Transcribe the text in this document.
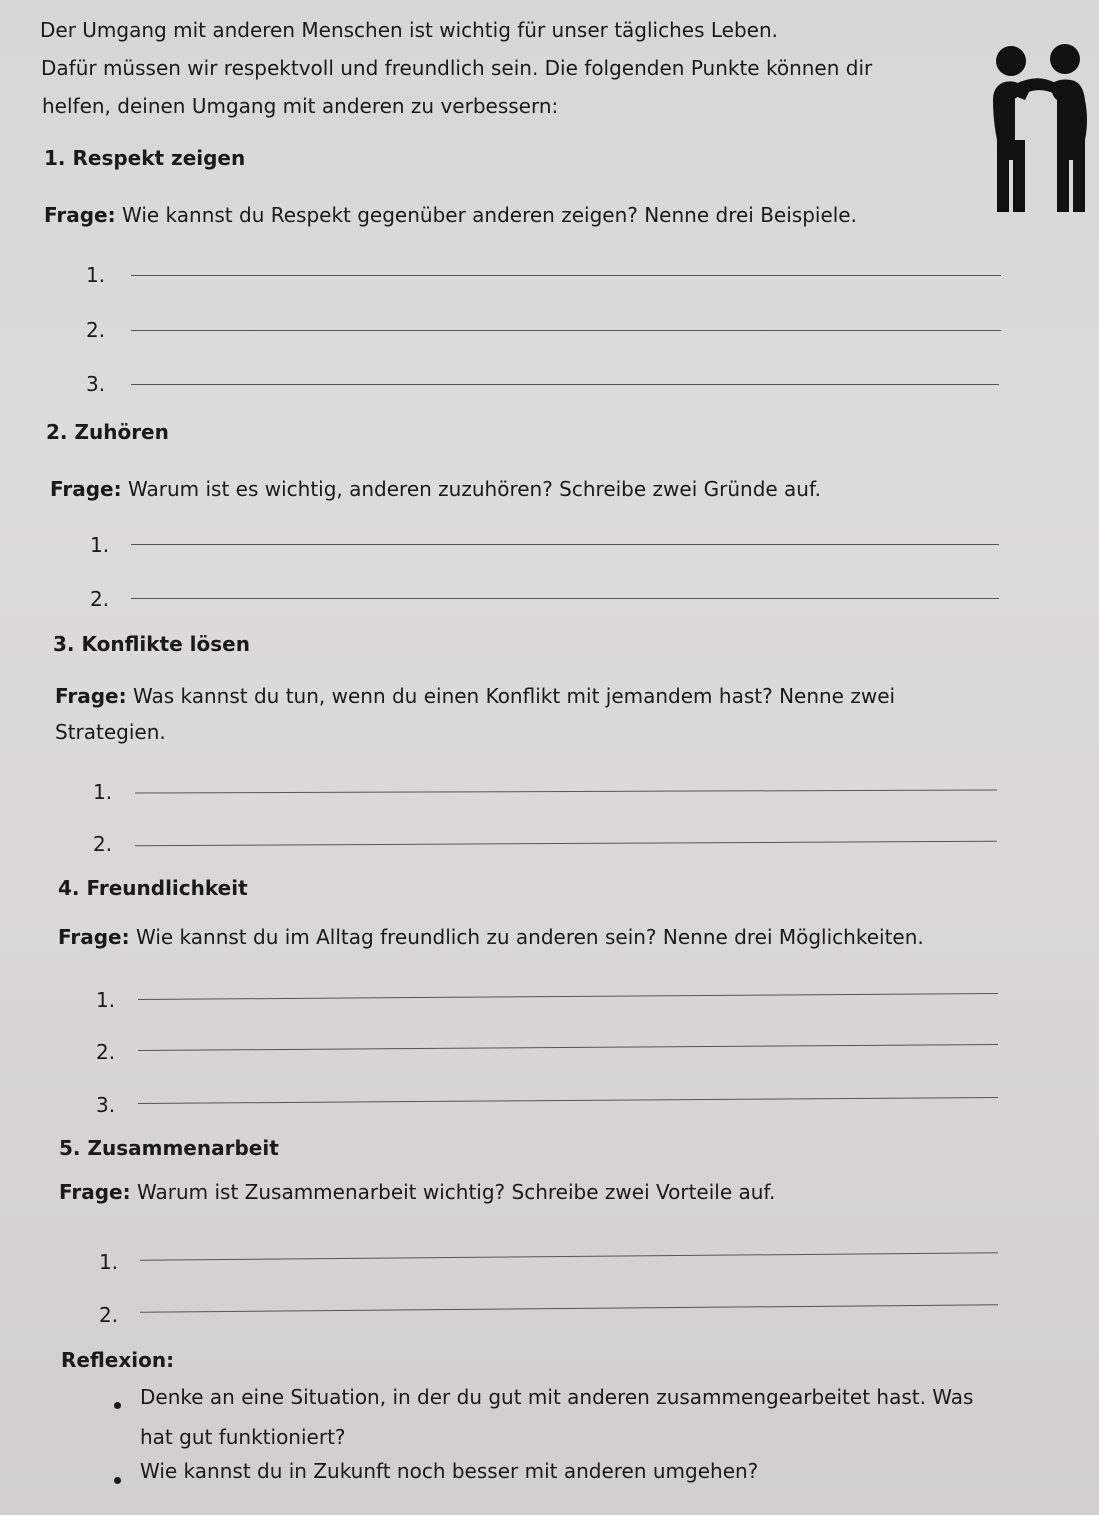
Der Umgang mit anderen Menschen ist wichtig für unser tägliches Leben.
Dafür müssen wir respektvoll und freundlich sein. Die folgenden Punkte können dir
helfen, deinen Umgang mit anderen zu verbessern:
1. Respekt zeigen
Frage: Wie kannst du Respekt gegenüber anderen zeigen? Nenne drei Beispiele.
1.
2.
3.
2. Zuhören
Frage: Warum ist es wichtig, anderen zuzuhören? Schreibe zwei Gründe auf.
1.
2.
3. Konflikte lösen
Frage: Was kannst du tun, wenn du einen Konflikt mit jemandem hast? Nenne zwei
Strategien.
1.
2.
4. Freundlichkeit
Frage: Wie kannst du im Alltag freundlich zu anderen sein? Nenne drei Möglichkeiten.
1.
2.
3.
5. Zusammenarbeit
Frage: Warum ist Zusammenarbeit wichtig? Schreibe zwei Vorteile auf.
1.
2.
Reflexion:
Denke an eine Situation, in der du gut mit anderen zusammengearbeitet hast. Was
hat gut funktioniert?
Wie kannst du in Zukunft noch besser mit anderen umgehen?
